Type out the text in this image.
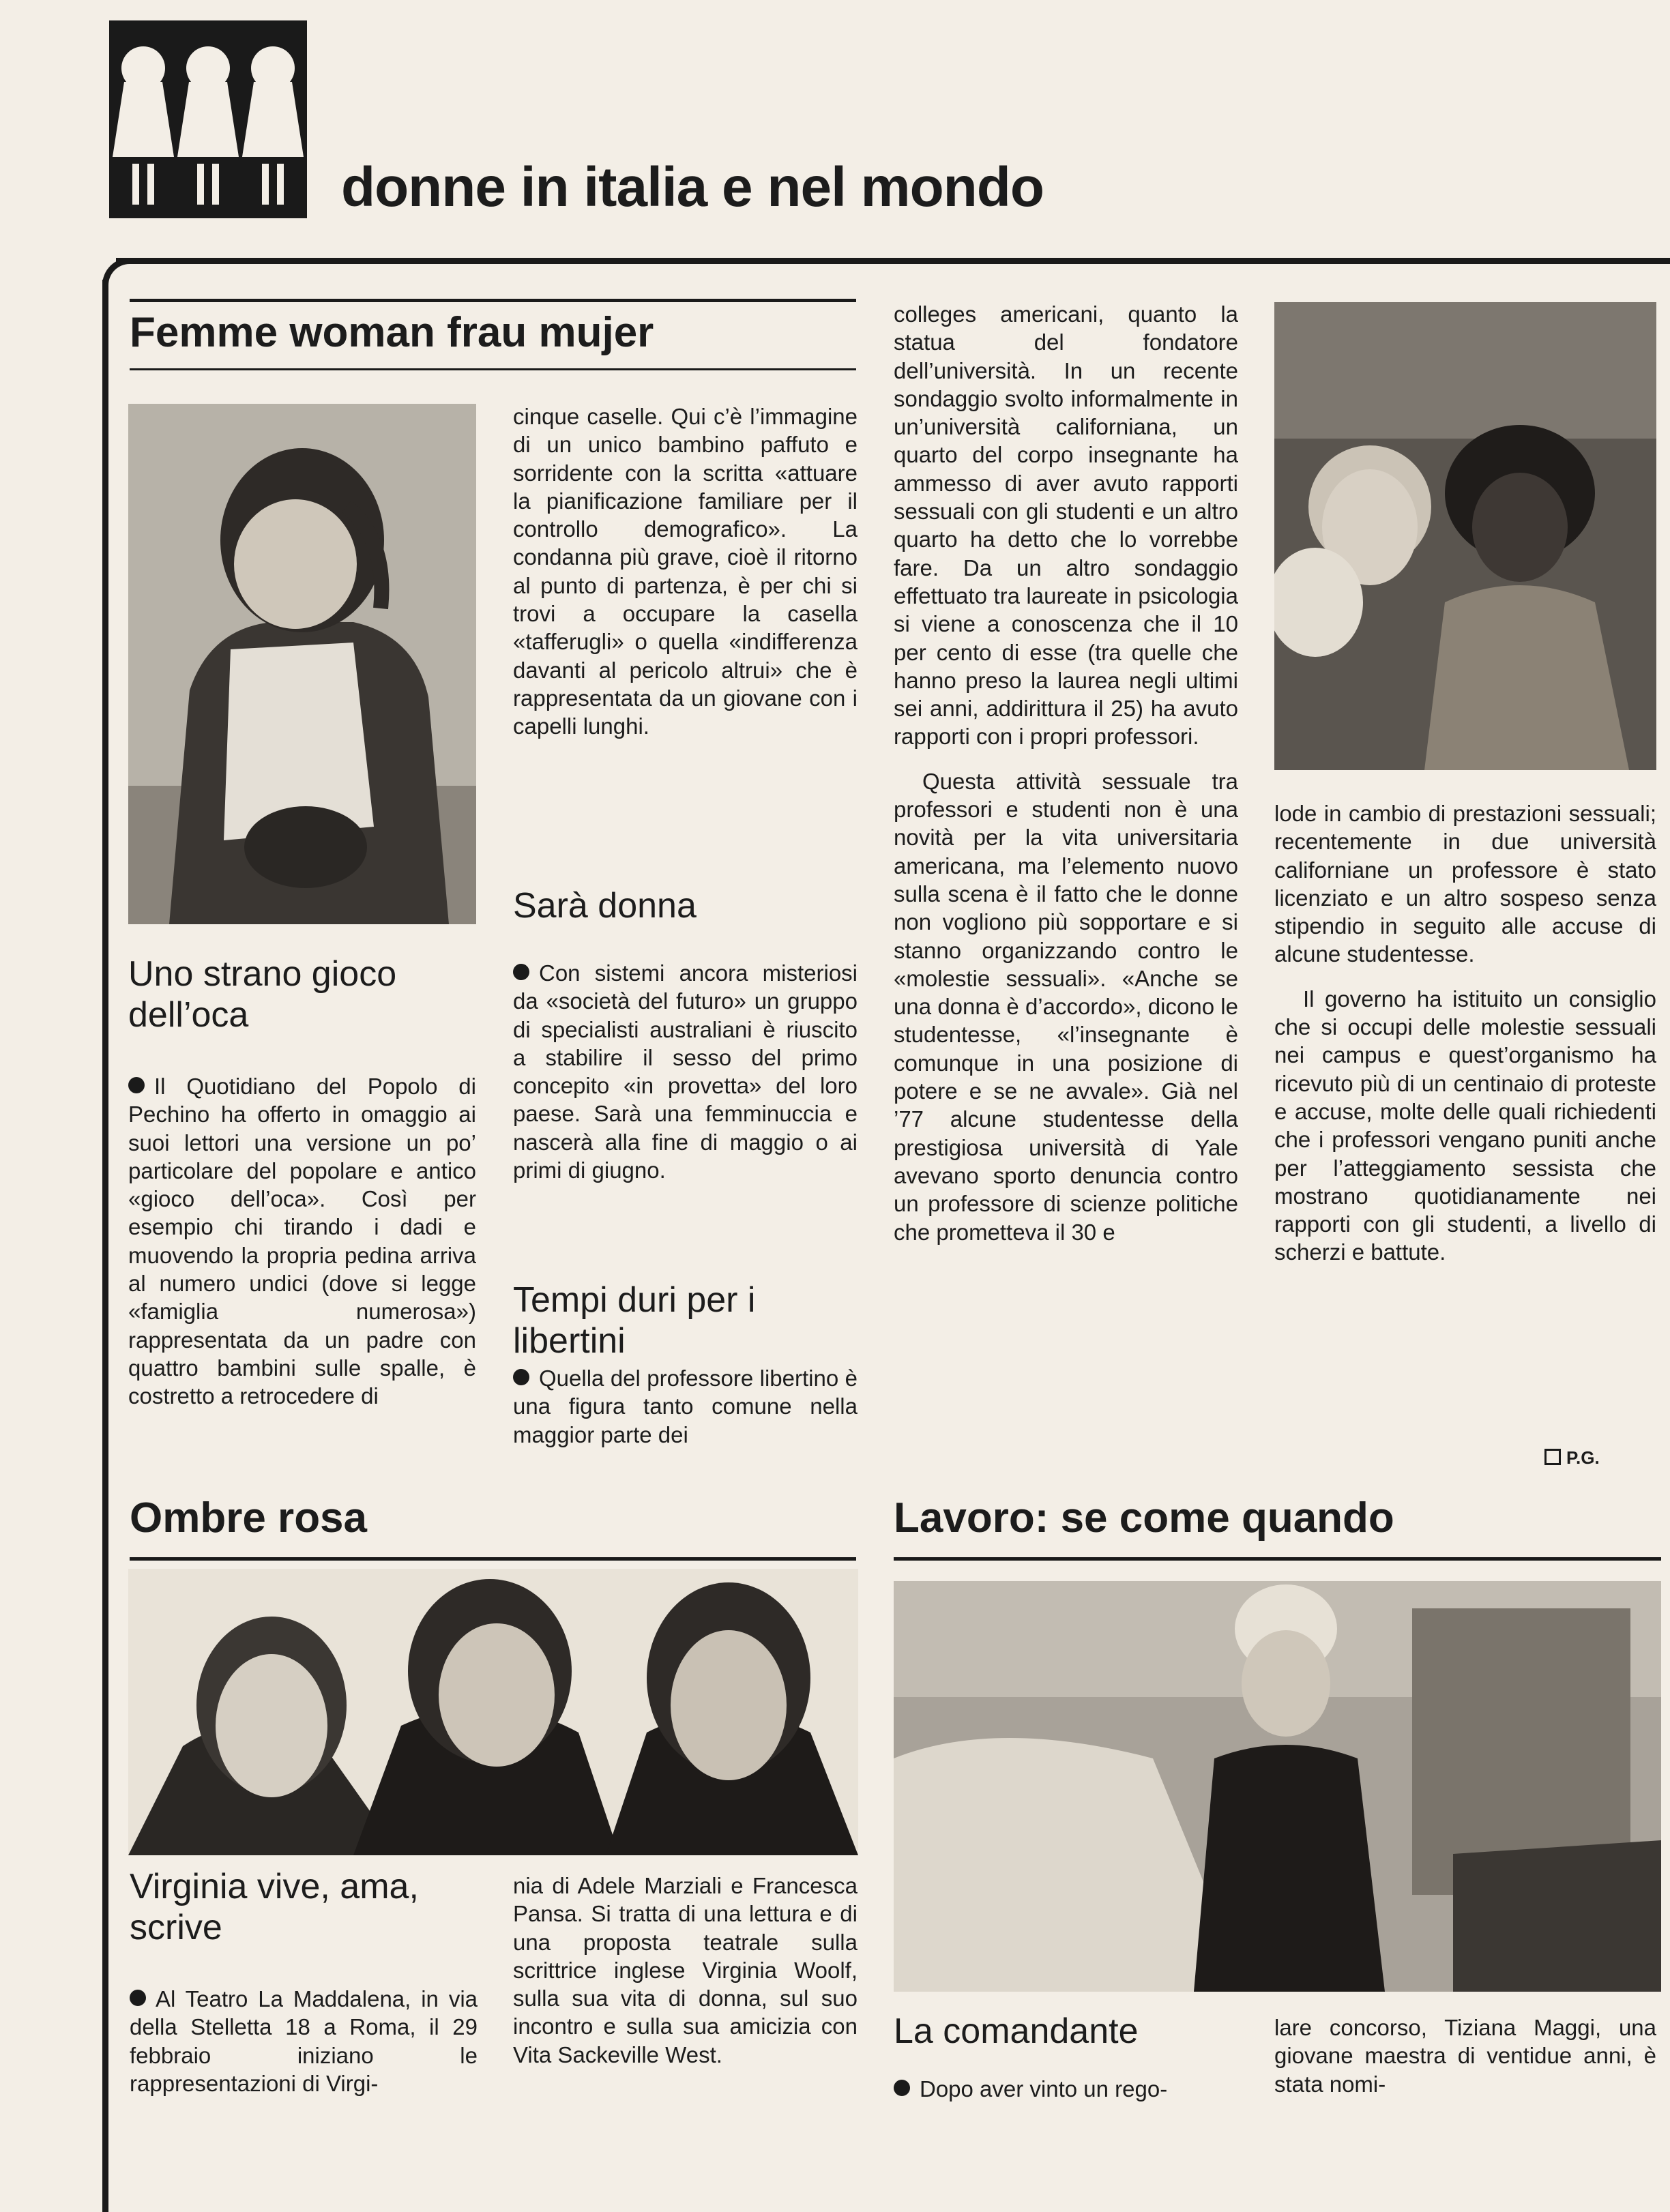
donne in italia e nel mondo
Femme woman frau mujer
Uno strano gioco dell’oca
Il Quotidiano del Popolo di Pechino ha offerto in omaggio ai suoi lettori una versione un po’ particolare del popolare e antico «gioco dell’oca». Così per esempio chi tirando i dadi e muovendo la propria pedina arriva al numero undici (dove si legge «famiglia numerosa») rappresentata da un padre con quattro bambini sulle spalle, è costretto a retrocedere di
cinque caselle. Qui c’è l’immagine di un unico bambino paffuto e sorridente con la scritta «attuare la pianificazione familiare per il controllo demografico». La condanna più grave, cioè il ritorno al punto di partenza, è per chi si trovi a occupare la casella «tafferugli» o quella «indifferenza davanti al pericolo altrui» che è rappresentata da un giovane con i capelli lunghi.
Sarà donna
Con sistemi ancora misteriosi da «società del futuro» un gruppo di specialisti australiani è riuscito a stabilire il sesso del primo concepito «in provetta» del loro paese. Sarà una femminuccia e nascerà alla fine di maggio o ai primi di giugno.
Tempi duri per i libertini
Quella del professore libertino è una figura tanto comune nella maggior parte dei

colleges americani, quanto la statua del fondatore dell’università. In un recente sondaggio svolto informalmente in un’università californiana, un quarto del corpo insegnante ha ammesso di aver avuto rapporti sessuali con gli studenti e un altro quarto ha detto che lo vorrebbe fare. Da un altro sondaggio effettuato tra laureate in psicologia si viene a conoscenza che il 10 per cento di esse (tra quelle che hanno preso la laurea negli ultimi sei anni, addirittura il 25) ha avuto rapporti con i propri professori.

Questa attività sessuale tra professori e studenti non è una novità per la vita universitaria americana, ma l’elemento nuovo sulla scena è il fatto che le donne non vogliono più sopportare e si stanno organizzando contro le «molestie sessuali». «Anche se una donna è d’accordo», dicono le studentesse, «l’insegnante è comunque in una posizione di potere e se ne avvale». Già nel ’77 alcune studentesse della prestigiosa università di Yale avevano sporto denuncia contro un professore di scienze politiche che prometteva il 30 e

lode in cambio di prestazioni sessuali; recentemente in due università californiane un professore è stato licenziato e un altro sospeso senza stipendio in seguito alle accuse di alcune studentesse.

Il governo ha istituito un consiglio che si occupi delle molestie sessuali nei campus e quest’organismo ha ricevuto più di un centinaio di proteste e accuse, molte delle quali richiedenti che i professori vengano puniti anche per l’atteggiamento sessista che mostrano quotidianamente nei rapporti con gli studenti, a livello di scherzi e battute.

P.G.
Ombre rosa
Virginia vive, ama, scrive
Al Teatro La Maddalena, in via della Stelletta 18 a Roma, il 29 febbraio iniziano le rappresentazioni di Virgi-
nia di Adele Marziali e Francesca Pansa. Si tratta di una lettura e di una proposta teatrale sulla scrittrice inglese Virginia Woolf, sulla sua vita di donna, sul suo incontro e sulla sua amicizia con Vita Sackeville West.
Lavoro: se come quando
La comandante
Dopo aver vinto un rego-
lare concorso, Tiziana Maggi, una giovane maestra di ventidue anni, è stata nomi-
